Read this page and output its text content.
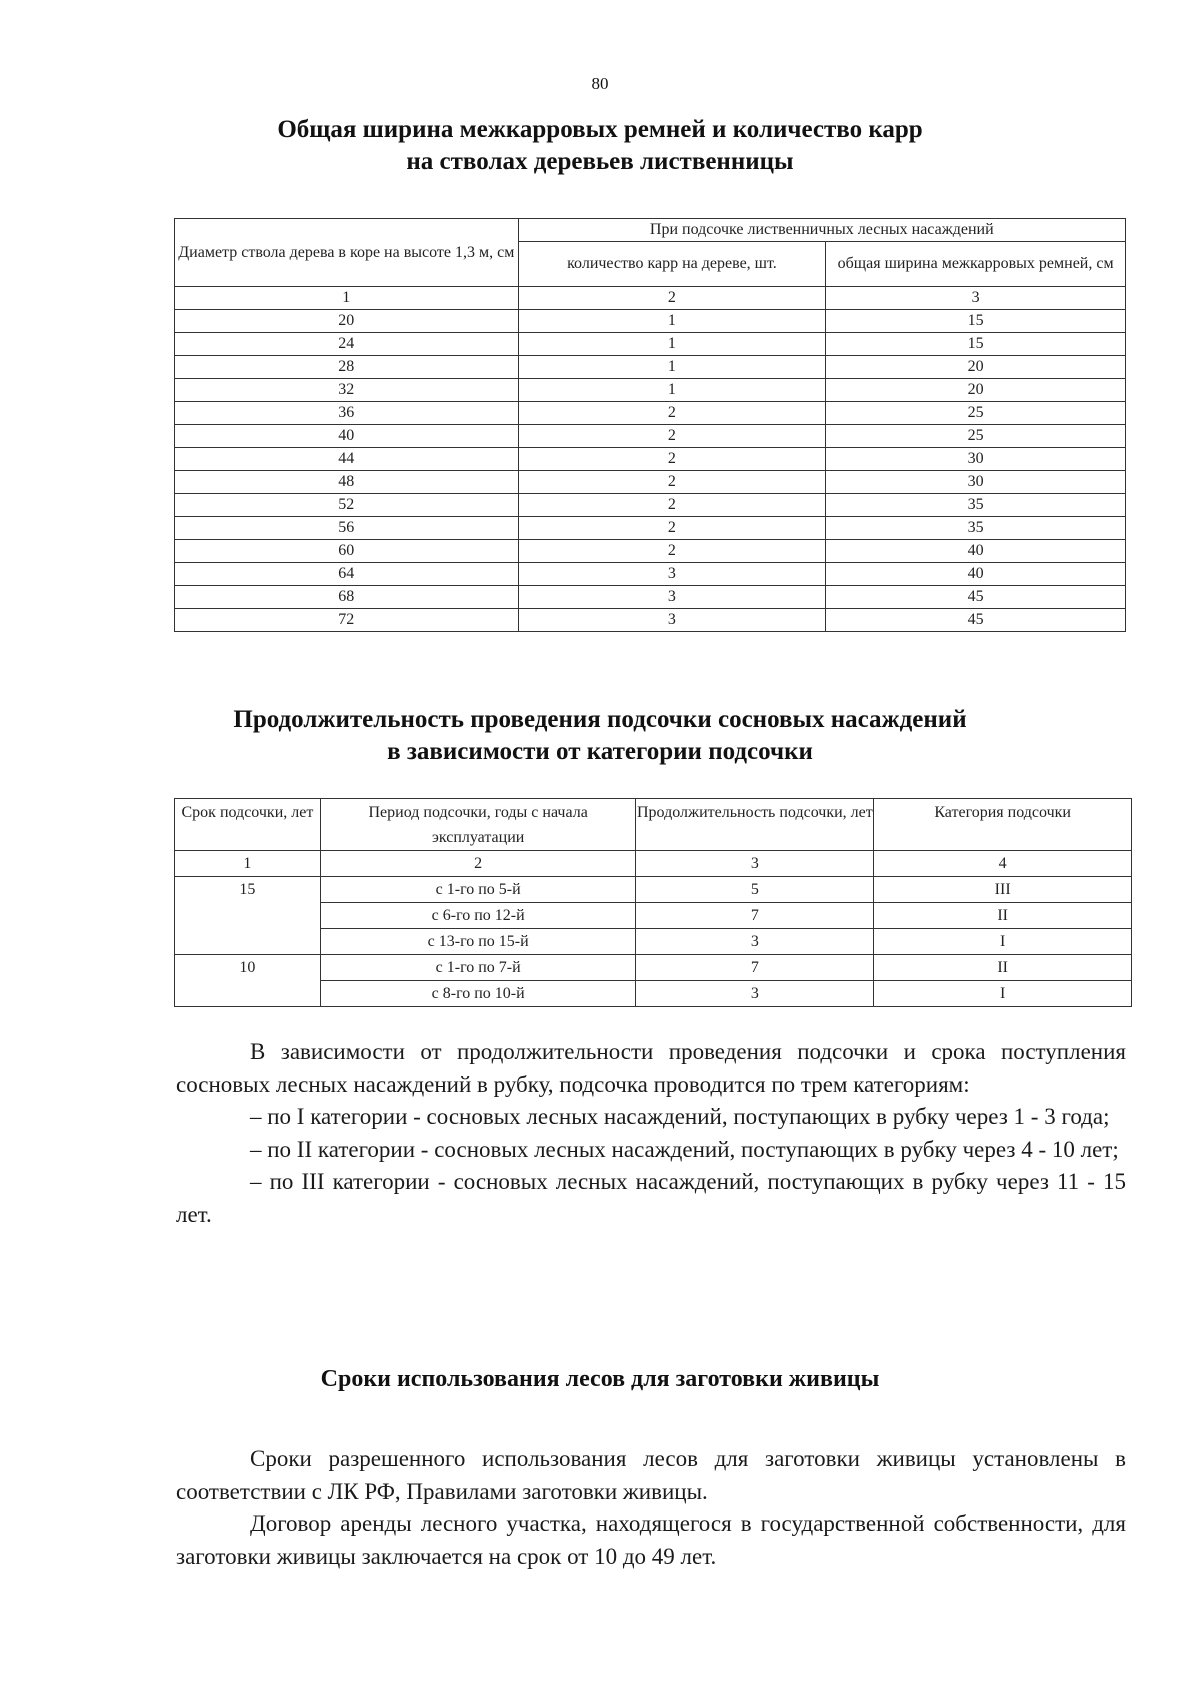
80
Общая ширина межкарровых ремней и количество карр
на стволах деревьев лиственницы
Диаметр ствола дерева в коре на высоте 1,3 м, см	При подсочке лиственничных лесных насаждений	
	количество карр на дереве, шт.	общая ширина межкарровых ремней, см
1	2	3
20	1	15
24	1	15
28	1	20
32	1	20
36	2	25
40	2	25
44	2	30
48	2	30
52	2	35
56	2	35
60	2	40
64	3	40
68	3	45
72	3	45
Продолжительность проведения подсочки сосновых насаждений
в зависимости от категории подсочки
Срок подсочки, лет	Период подсочки, годы с начала эксплуатации	Продолжительность подсочки, лет	Категория подсочки
1	2	3	4
15	с 1-го по 5-й	5	III
	с 6-го по 12-й	7	II
	с 13-го по 15-й	3	I
10	с 1-го по 7-й	7	II
	с 8-го по 10-й	3	I

В зависимости от продолжительности проведения подсочки и срока поступления сосновых лесных насаждений в рубку, подсочка проводится по трем категориям:

– по I категории - сосновых лесных насаждений, поступающих в рубку через 1 - 3 года;

– по II категории - сосновых лесных насаждений, поступающих в рубку через 4 - 10 лет;

– по III категории - сосновых лесных насаждений, поступающих в рубку через 11 - 15 лет.

Сроки использования лесов для заготовки живицы

Сроки разрешенного использования лесов для заготовки живицы установлены в соответствии с ЛК РФ, Правилами заготовки живицы.

Договор аренды лесного участка, находящегося в государственной собственности, для заготовки живицы заключается на срок от 10 до 49 лет.
